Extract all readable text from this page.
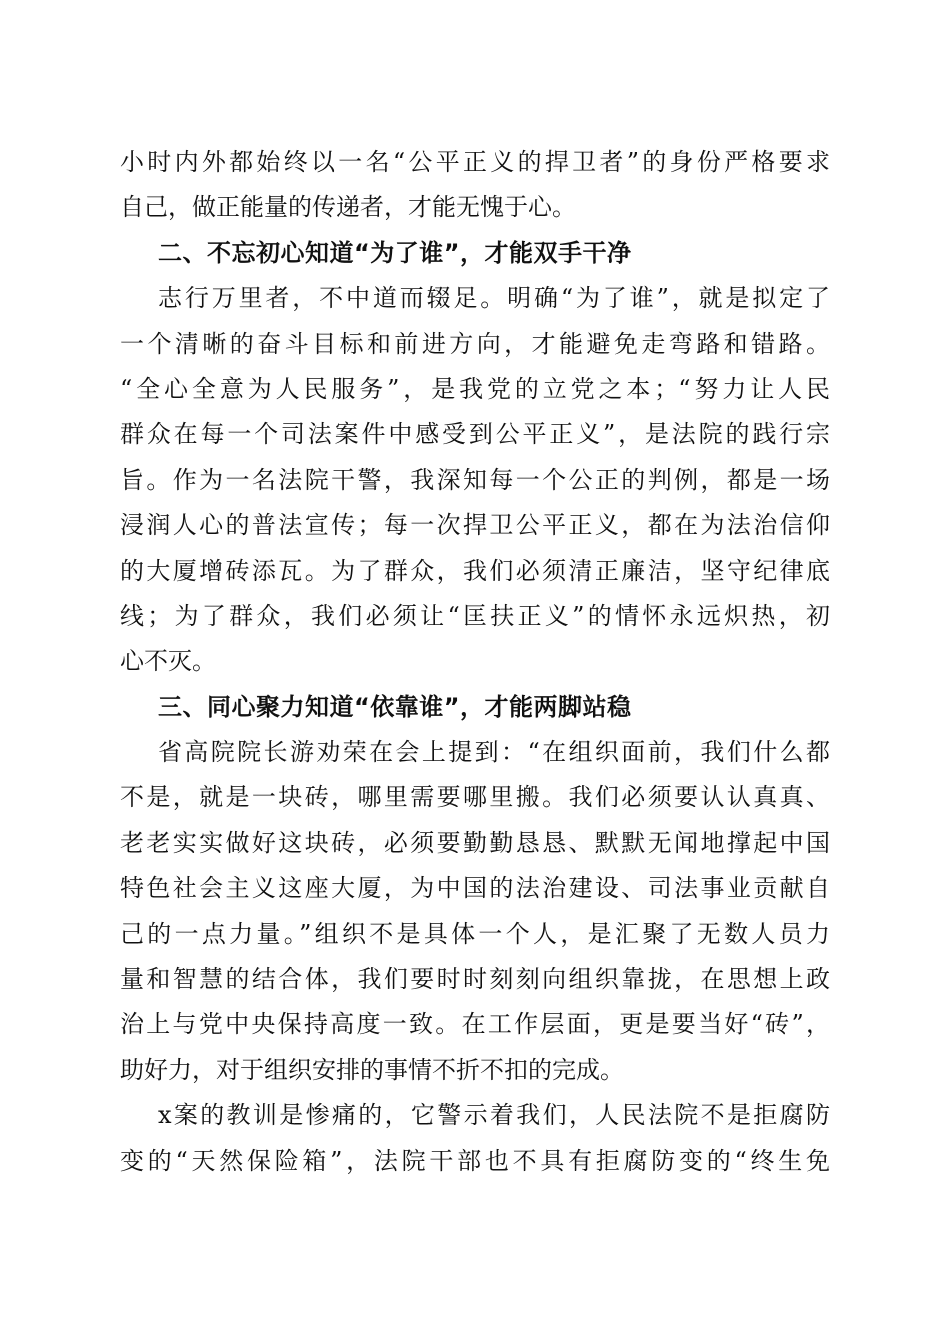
小时内外都始终以一名“公平正义的捍卫者”的身份严格要求
自己，做正能量的传递者，才能无愧于心。
二、不忘初心知道“为了谁”，才能双手干净
志行万里者，不中道而辍足。明确“为了谁”，就是拟定了
一个清晰的奋斗目标和前进方向，才能避免走弯路和错路。
“全心全意为人民服务”，是我党的立党之本；“努力让人民
群众在每一个司法案件中感受到公平正义”，是法院的践行宗
旨。作为一名法院干警，我深知每一个公正的判例，都是一场
浸润人心的普法宣传；每一次捍卫公平正义，都在为法治信仰
的大厦增砖添瓦。为了群众，我们必须清正廉洁，坚守纪律底
线；为了群众，我们必须让“匡扶正义”的情怀永远炽热，初
心不灭。
三、同心聚力知道“依靠谁”，才能两脚站稳
省高院院长游劝荣在会上提到：“在组织面前，我们什么都
不是，就是一块砖，哪里需要哪里搬。我们必须要认认真真、
老老实实做好这块砖，必须要勤勤恳恳、默默无闻地撑起中国
特色社会主义这座大厦，为中国的法治建设、司法事业贡献自
己的一点力量。”组织不是具体一个人，是汇聚了无数人员力
量和智慧的结合体，我们要时时刻刻向组织靠拢，在思想上政
治上与党中央保持高度一致。在工作层面，更是要当好“砖”，
助好力，对于组织安排的事情不折不扣的完成。
x案的教训是惨痛的，它警示着我们，人民法院不是拒腐防
变的“天然保险箱”，法院干部也不具有拒腐防变的“终生免
